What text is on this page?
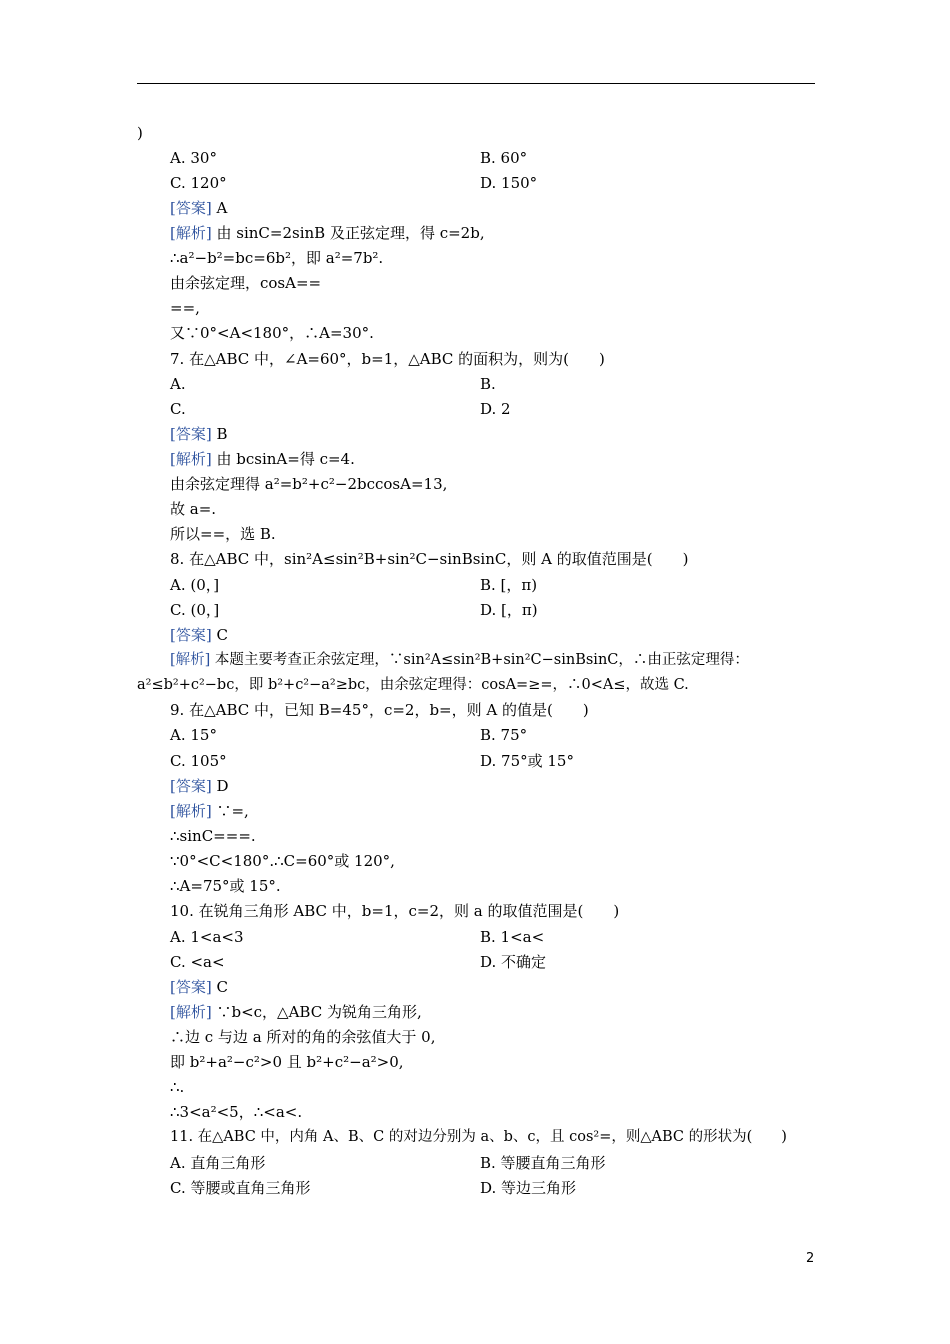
)
A. 30°	B. 60°
C. 120°	D. 150°
[答案] A
[解析] 由 sinC=2sinB 及正弦定理，得 c=2b,
∴a²−b²=bc=6b²，即 a²=7b².
由余弦定理，cosA==
==,
又∵0°<A<180°，∴A=30°.
7. 在△ABC 中，∠A=60°，b=1，△ABC 的面积为，则为(　　)
A.	B.
C.	D. 2
[答案] B
[解析] 由 bcsinA=得 c=4.
由余弦定理得 a²=b²+c²−2bccosA=13,
故 a=.
所以==，选 B.
8. 在△ABC 中，sin²A≤sin²B+sin²C−sinBsinC，则 A 的取值范围是(　　)
A. (0，]	B. [，π)
C. (0，]	D. [，π)
[答案] C
[解析] 本题主要考查正余弦定理，∵sin²A≤sin²B+sin²C−sinBsinC，∴由正弦定理得：
a²≤b²+c²−bc，即 b²+c²−a²≥bc，由余弦定理得：cosA=≥=，∴0<A≤，故选 C.
9. 在△ABC 中，已知 B=45°，c=2，b=，则 A 的值是(　　)
A. 15°	B. 75°
C. 105°	D. 75°或 15°
[答案] D
[解析] ∵=,
∴sinC===.
∵0°<C<180°.∴C=60°或 120°,
∴A=75°或 15°.
10. 在锐角三角形 ABC 中，b=1，c=2，则 a 的取值范围是(　　)
A. 1<a<3	B. 1<a<
C. <a<	D. 不确定
[答案] C
[解析] ∵b<c，△ABC 为锐角三角形,
∴边 c 与边 a 所对的角的余弦值大于 0,
即 b²+a²−c²>0 且 b²+c²−a²>0,
∴.
∴3<a²<5，∴<a<.
11. 在△ABC 中，内角 A、B、C 的对边分别为 a、b、c，且 cos²=，则△ABC 的形状为(　　)
A. 直角三角形	B. 等腰直角三角形
C. 等腰或直角三角形	D. 等边三角形
2
